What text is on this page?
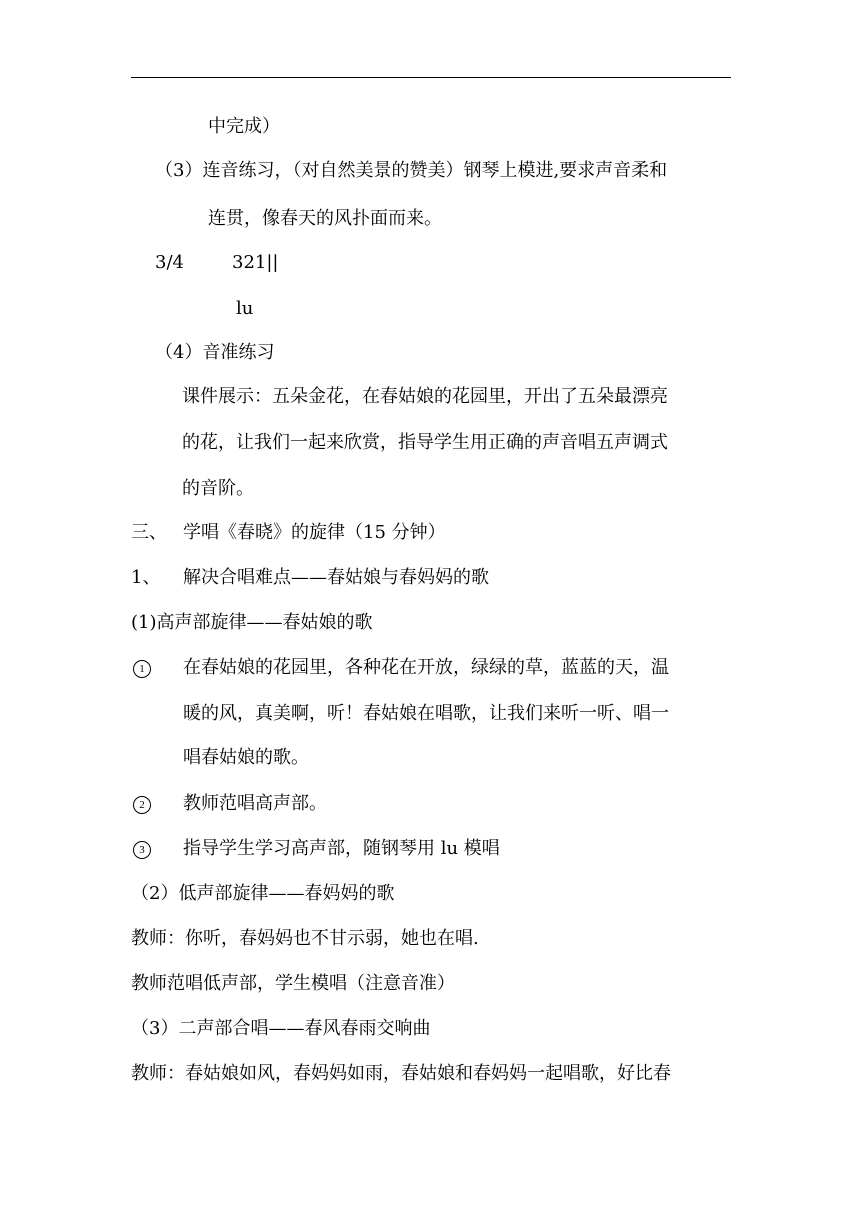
中完成）
（3）连音练习，（对自然美景的赞美）钢琴上模进,要求声音柔和
连贯，像春天的风扑面而来。
3/4	321||
lu
（4）音准练习
课件展示：五朵金花，在春姑娘的花园里，开出了五朵最漂亮
的花，让我们一起来欣赏，指导学生用正确的声音唱五声调式
的音阶。
三、 学唱《春晓》的旋律（15 分钟）
1、 解决合唱难点——春姑娘与春妈妈的歌
(1)高声部旋律——春姑娘的歌
1	在春姑娘的花园里，各种花在开放，绿绿的草，蓝蓝的天，温
暖的风，真美啊，听！春姑娘在唱歌，让我们来听一听、唱一
唱春姑娘的歌。
2	教师范唱高声部。
3	指导学生学习高声部，随钢琴用 lu 模唱
（2）低声部旋律——春妈妈的歌
教师：你听，春妈妈也不甘示弱，她也在唱.
教师范唱低声部，学生模唱（注意音准）
（3）二声部合唱——春风春雨交响曲
教师：春姑娘如风，春妈妈如雨，春姑娘和春妈妈一起唱歌，好比春
